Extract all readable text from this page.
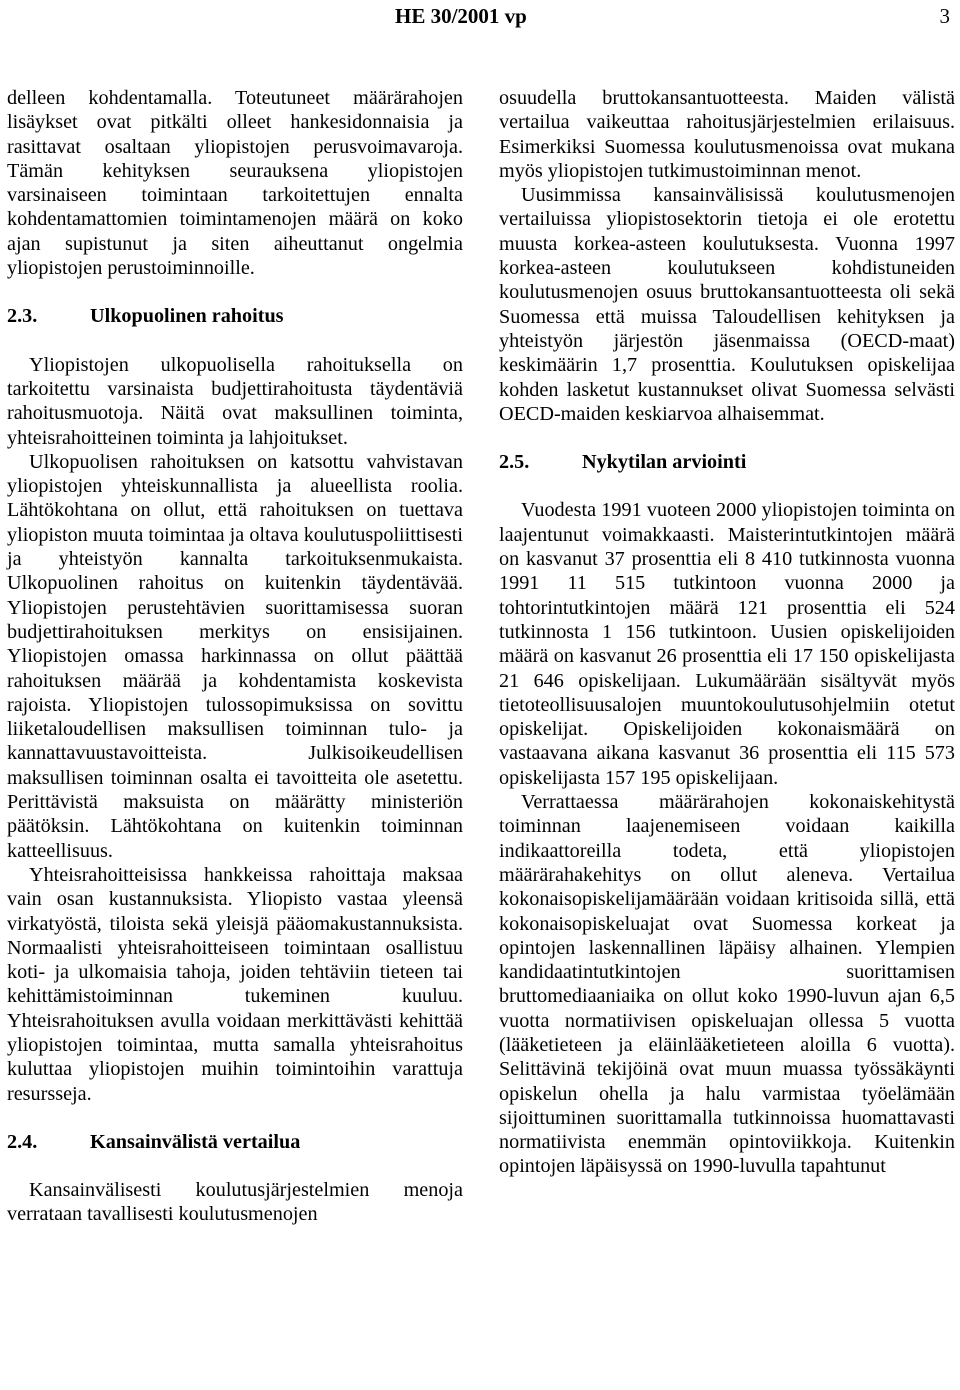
HE 30/2001 vp	3

delleen kohdentamalla. Toteutuneet määrärahojen lisäykset ovat pitkälti olleet hankesidonnaisia ja rasittavat osaltaan yliopistojen perusvoimavaroja. Tämän kehityksen seurauksena yliopistojen varsinaiseen toimintaan tarkoitettujen ennalta kohdentamattomien toimintamenojen määrä on koko ajan supistunut ja siten aiheuttanut ongelmia yliopistojen perustoiminnoille.

2.3.	Ulkopuolinen rahoitus

Yliopistojen ulkopuolisella rahoituksella on tarkoitettu varsinaista budjettirahoitusta täydentäviä rahoitusmuotoja. Näitä ovat maksullinen toiminta, yhteisrahoitteinen toiminta ja lahjoitukset.

Ulkopuolisen rahoituksen on katsottu vahvistavan yliopistojen yhteiskunnallista ja alueellista roolia. Lähtökohtana on ollut, että rahoituksen on tuettava yliopiston muuta toimintaa ja oltava koulutuspoliittisesti ja yhteistyön kannalta tarkoituksenmukaista. Ulkopuolinen rahoitus on kuitenkin täydentävää. Yliopistojen perustehtävien suorittamisessa suoran budjettirahoituksen merkitys on ensisijainen. Yliopistojen omassa harkinnassa on ollut päättää rahoituksen määrää ja kohdentamista koskevista rajoista. Yliopistojen tulossopimuksissa on sovittu liiketaloudellisen maksullisen toiminnan tulo- ja kannattavuustavoitteista. Julkisoikeudellisen maksullisen toiminnan osalta ei tavoitteita ole asetettu. Perittävistä maksuista on määrätty ministeriön päätöksin. Lähtökohtana on kuitenkin toiminnan katteellisuus.

Yhteisrahoitteisissa hankkeissa rahoittaja maksaa vain osan kustannuksista. Yliopisto vastaa yleensä virkatyöstä, tiloista sekä yleisjä pääomakustannuksista. Normaalisti yhteisrahoitteiseen toimintaan osallistuu koti- ja ulkomaisia tahoja, joiden tehtäviin tieteen tai kehittämistoiminnan tukeminen kuuluu. Yhteisrahoituksen avulla voidaan merkittävästi kehittää yliopistojen toimintaa, mutta samalla yhteisrahoitus kuluttaa yliopistojen muihin toimintoihin varattuja resursseja.

2.4.	Kansainvälistä vertailua

Kansainvälisesti koulutusjärjestelmien menoja verrataan tavallisesti koulutusmenojen

osuudella bruttokansantuotteesta. Maiden välistä vertailua vaikeuttaa rahoitusjärjestelmien erilaisuus. Esimerkiksi Suomessa koulutusmenoissa ovat mukana myös yliopistojen tutkimustoiminnan menot.

Uusimmissa kansainvälisissä koulutusmenojen vertailuissa yliopistosektorin tietoja ei ole erotettu muusta korkea-asteen koulutuksesta. Vuonna 1997 korkea-asteen koulutukseen kohdistuneiden koulutusmenojen osuus bruttokansantuotteesta oli sekä Suomessa että muissa Taloudellisen kehityksen ja yhteistyön järjestön jäsenmaissa (OECD-maat) keskimäärin 1,7 prosenttia. Koulutuksen opiskelijaa kohden lasketut kustannukset olivat Suomessa selvästi OECD-maiden keskiarvoa alhaisemmat.

2.5.	Nykytilan arviointi

Vuodesta 1991 vuoteen 2000 yliopistojen toiminta on laajentunut voimakkaasti. Maisterintutkintojen määrä on kasvanut 37 prosenttia eli 8 410 tutkinnosta vuonna 1991 11 515 tutkintoon vuonna 2000 ja tohtorintutkintojen määrä 121 prosenttia eli 524 tutkinnosta 1 156 tutkintoon. Uusien opiskelijoiden määrä on kasvanut 26 prosenttia eli 17 150 opiskelijasta 21 646 opiskelijaan. Lukumäärään sisältyvät myös tietoteollisuusalojen muuntokoulutusohjelmiin otetut opiskelijat. Opiskelijoiden kokonaismäärä on vastaavana aikana kasvanut 36 prosenttia eli 115 573 opiskelijasta 157 195 opiskelijaan.

Verrattaessa määrärahojen kokonaiskehitystä toiminnan laajenemiseen voidaan kaikilla indikaattoreilla todeta, että yliopistojen määrärahakehitys on ollut aleneva. Vertailua kokonaisopiskelijamäärään voidaan kritisoida sillä, että kokonaisopiskeluajat ovat Suomessa korkeat ja opintojen laskennallinen läpäisy alhainen. Ylempien kandidaatintutkintojen suorittamisen bruttomediaaniaika on ollut koko 1990-luvun ajan 6,5 vuotta normatiivisen opiskeluajan ollessa 5 vuotta (lääketieteen ja eläinlääketieteen aloilla 6 vuotta). Selittävinä tekijöinä ovat muun muassa työssäkäynti opiskelun ohella ja halu varmistaa työelämään sijoittuminen suorittamalla tutkinnoissa huomattavasti normatiivista enemmän opintoviikkoja. Kuitenkin opintojen läpäisyssä on 1990-luvulla tapahtunut
